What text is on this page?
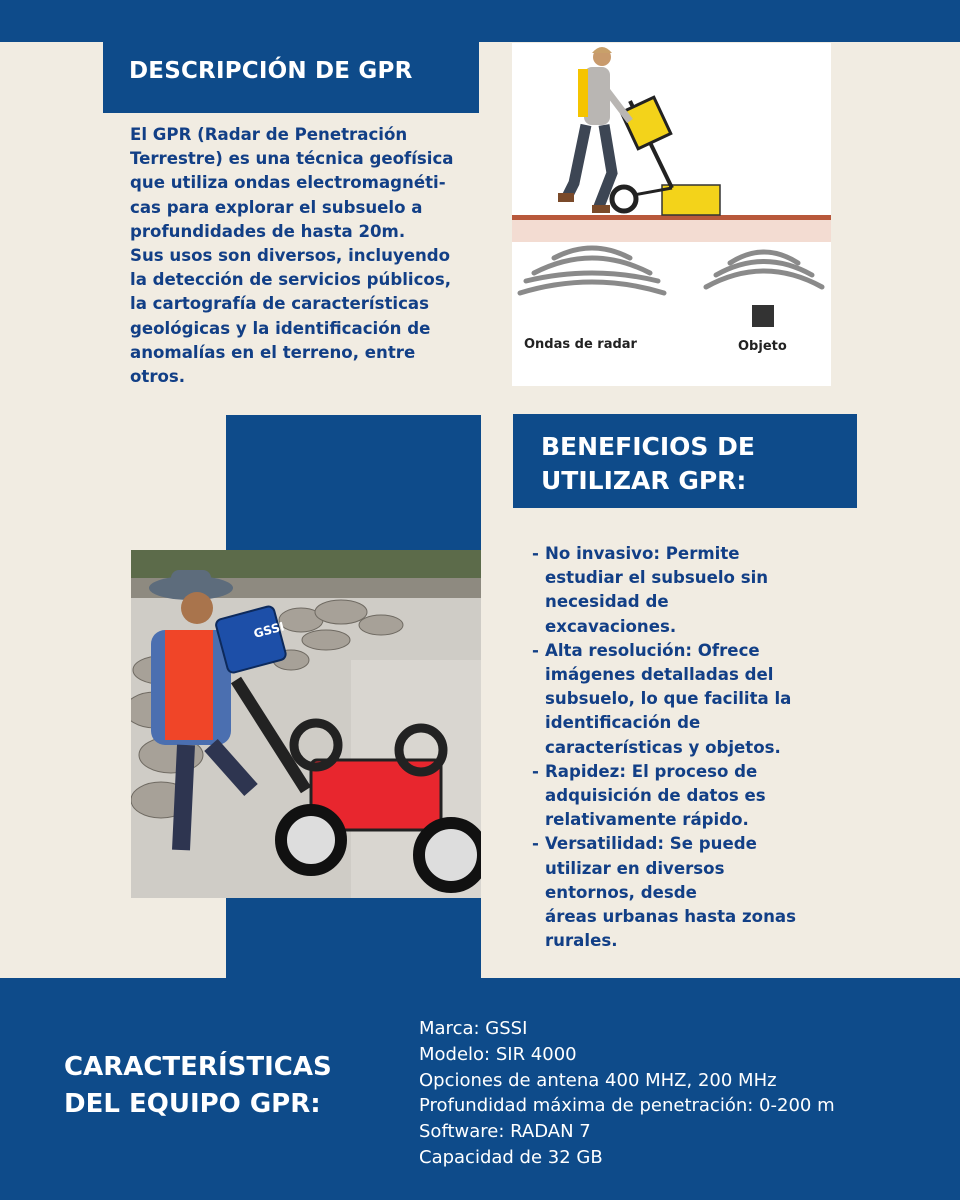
DESCRIPCIÓN DE GPR
El GPR (Radar de Penetración
Terrestre) es una técnica geofísica
que utiliza ondas electromagnéti-
cas para explorar el subsuelo a
profundidades de hasta 20m.
Sus usos son diversos, incluyendo
la detección de servicios públicos,
la cartografía de características
geológicas y la identificación de
anomalías en el terreno, entre
otros.
Ondas de radar	Objeto
GSSI
BENEFICIOS DE
UTILIZAR GPR:
- No invasivo: Permite
estudiar el subsuelo sin
necesidad de
excavaciones.
- Alta resolución: Ofrece
imágenes detalladas del
subsuelo, lo que facilita la
identificación de
características y objetos.
- Rapidez: El proceso de
adquisición de datos es
relativamente rápido.
- Versatilidad: Se puede
utilizar en diversos
entornos, desde
áreas urbanas hasta zonas
rurales.
CARACTERÍSTICAS
DEL EQUIPO GPR:
Marca: GSSI
Modelo: SIR 4000
Opciones de antena 400 MHZ, 200 MHz
Profundidad máxima de penetración: 0-200 m
Software: RADAN 7
Capacidad de 32 GB
